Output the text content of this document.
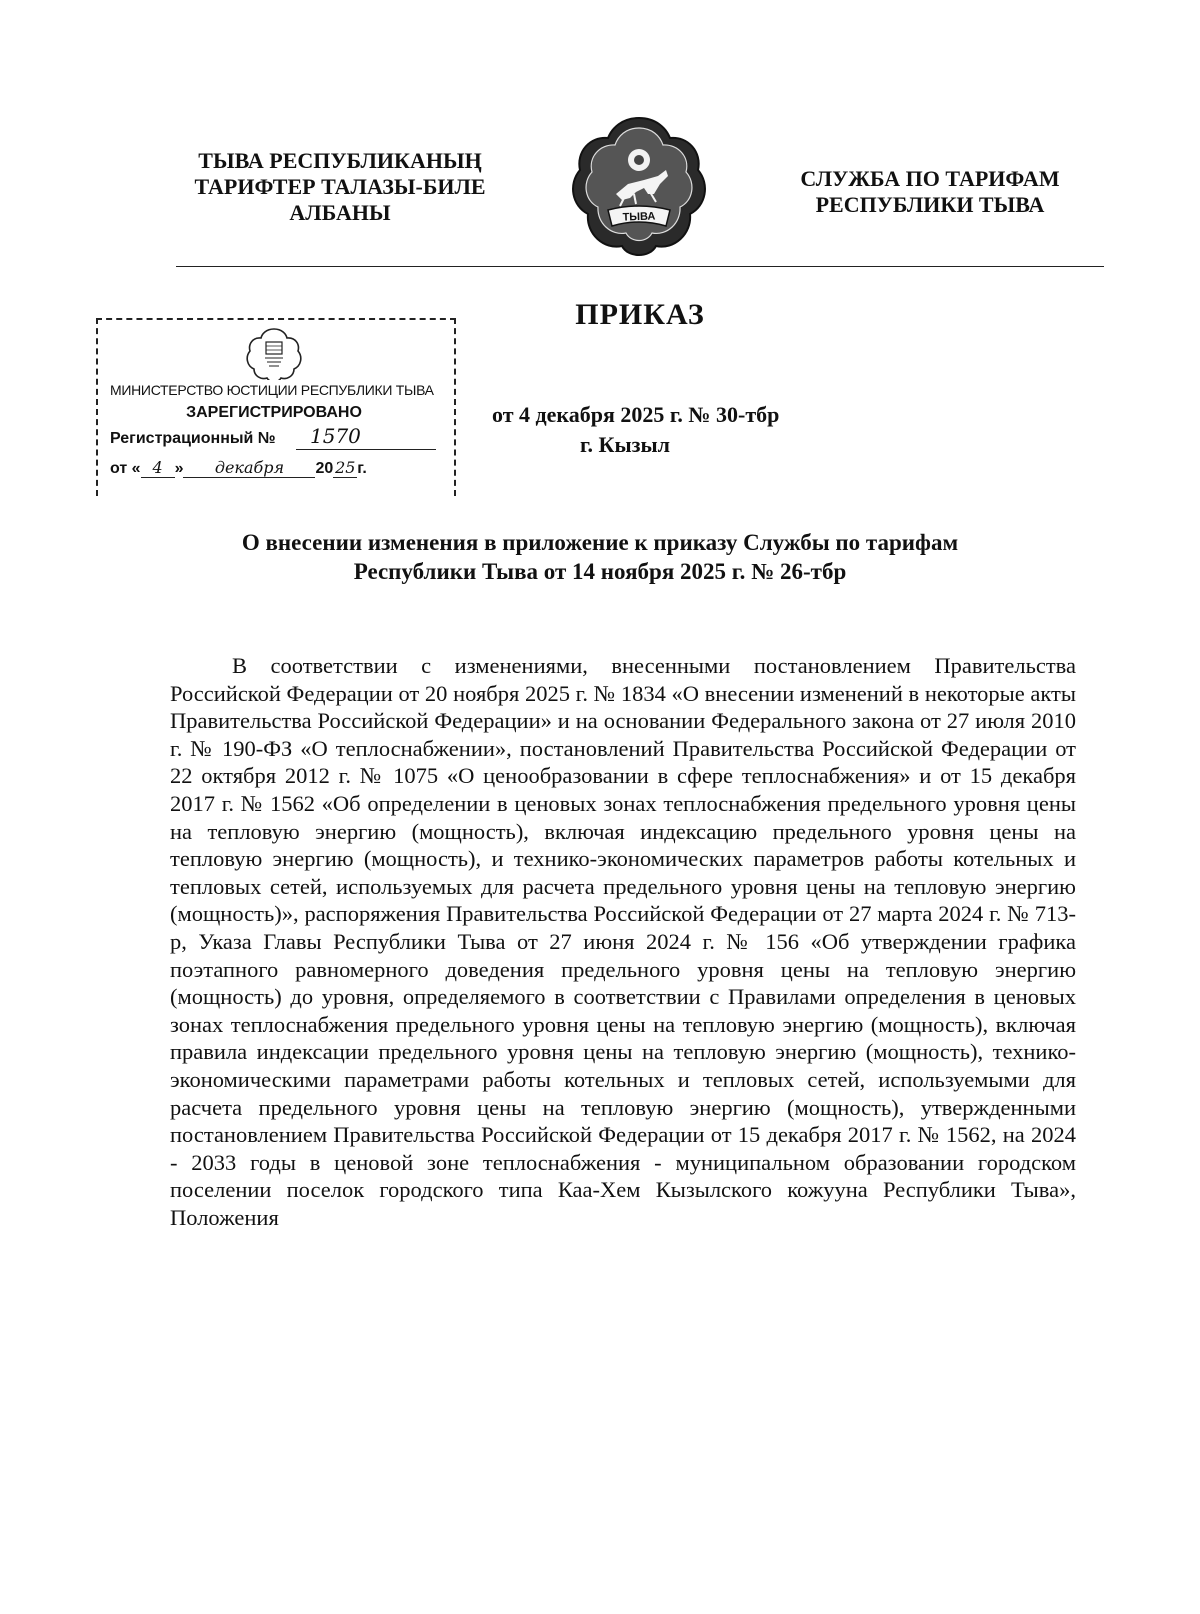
ТЫВА РЕСПУБЛИКАНЫҢ
ТАРИФТЕР ТАЛАЗЫ-БИЛЕ
АЛБАНЫ	ТЫВА
СЛУЖБА ПО ТАРИФАМ
РЕСПУБЛИКИ ТЫВА
ПРИКАЗ
МИНИСТЕРСТВО ЮСТИЦИИ РЕСПУБЛИКИ ТЫВА
ЗАРЕГИСТРИРОВАНО
Регистрационный № 1570
от « 4 » декабря 20 25 г.
от 4 декабря 2025 г. № 30-тбр
г. Кызыл
О внесении изменения в приложение к приказу Службы по тарифам
Республики Тыва от 14 ноября 2025 г. № 26-тбр

В соответствии с изменениями, внесенными постановлением Правительства Российской Федерации от 20 ноября 2025 г. № 1834 «О внесении изменений в некоторые акты Правительства Российской Федерации» и на основании Федерального закона от 27 июля 2010 г. № 190-ФЗ «О теплоснабжении», постановлений Правительства Российской Федерации от 22 октября 2012 г. № 1075 «О ценообразовании в сфере теплоснабжения» и от 15 декабря 2017 г. № 1562 «Об определении в ценовых зонах теплоснабжения предельного уровня цены на тепловую энергию (мощность), включая индексацию предельного уровня цены на тепловую энергию (мощность), и технико-экономических параметров работы котельных и тепловых сетей, используемых для расчета предельного уровня цены на тепловую энергию (мощность)», распоряжения Правительства Российской Федерации от 27 марта 2024 г. № 713-р, Указа Главы Республики Тыва от 27 июня 2024 г. № 156 «Об утверждении графика поэтапного равномерного доведения предельного уровня цены на тепловую энергию (мощность) до уровня, определяемого в соответствии с Правилами определения в ценовых зонах теплоснабжения предельного уровня цены на тепловую энергию (мощность), включая правила индексации предельного уровня цены на тепловую энергию (мощность), технико-экономическими параметрами работы котельных и тепловых сетей, используемыми для расчета предельного уровня цены на тепловую энергию (мощность), утвержденными постановлением Правительства Российской Федерации от 15 декабря 2017 г. № 1562, на 2024 - 2033 годы в ценовой зоне теплоснабжения - муниципальном образовании городском поселении поселок городского типа Каа-Хем Кызылского кожууна Республики Тыва», Положения
